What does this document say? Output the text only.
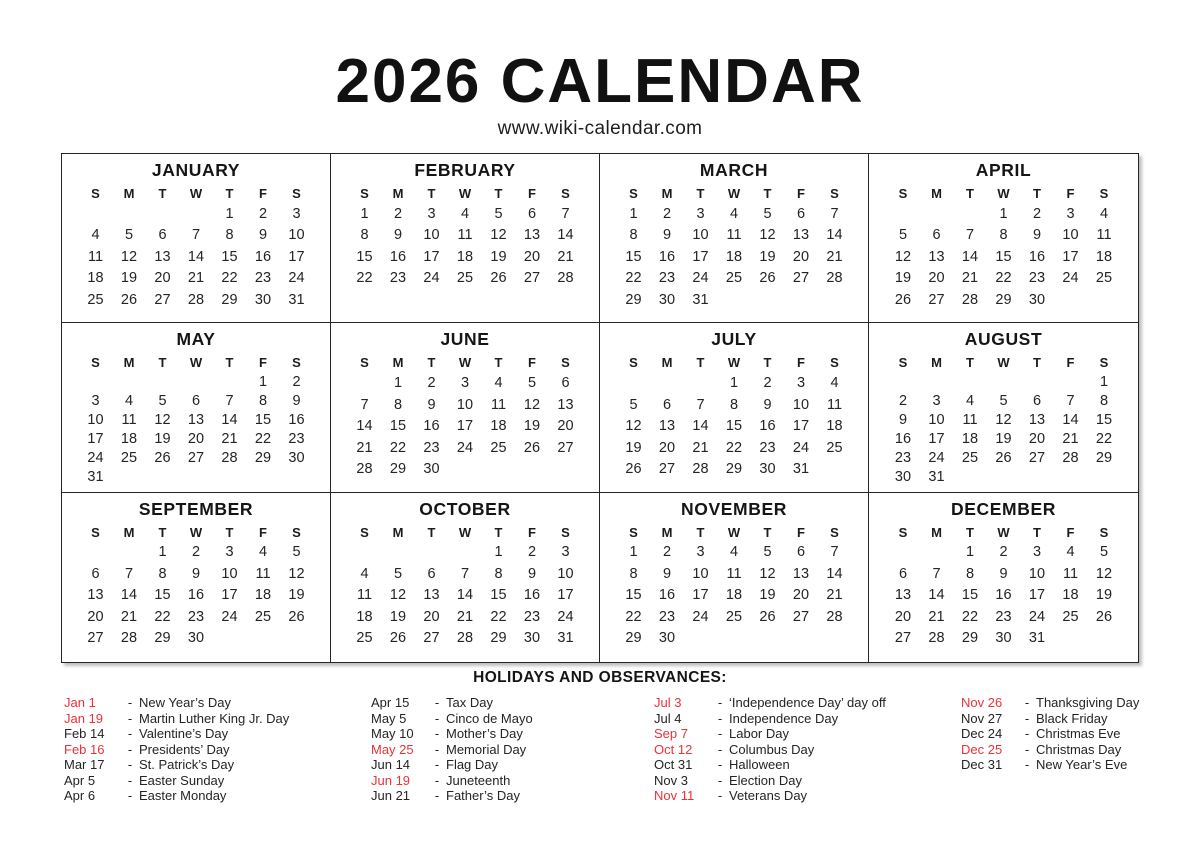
2026 CALENDAR
www.wiki-calendar.com
JANUARY
S	M	T	W	T	F	S
				1	2	3
4	5	6	7	8	9	10
11	12	13	14	15	16	17
18	19	20	21	22	23	24
25	26	27	28	29	30	31
FEBRUARY
S	M	T	W	T	F	S
1	2	3	4	5	6	7
8	9	10	11	12	13	14
15	16	17	18	19	20	21
22	23	24	25	26	27	28
MARCH
S	M	T	W	T	F	S
1	2	3	4	5	6	7
8	9	10	11	12	13	14
15	16	17	18	19	20	21
22	23	24	25	26	27	28
29	30	31				
APRIL
S	M	T	W	T	F	S
			1	2	3	4
5	6	7	8	9	10	11
12	13	14	15	16	17	18
19	20	21	22	23	24	25
26	27	28	29	30		
MAY
S	M	T	W	T	F	S
					1	2
3	4	5	6	7	8	9
10	11	12	13	14	15	16
17	18	19	20	21	22	23
24	25	26	27	28	29	30
31						
JUNE
S	M	T	W	T	F	S
	1	2	3	4	5	6
7	8	9	10	11	12	13
14	15	16	17	18	19	20
21	22	23	24	25	26	27
28	29	30				
JULY
S	M	T	W	T	F	S
			1	2	3	4
5	6	7	8	9	10	11
12	13	14	15	16	17	18
19	20	21	22	23	24	25
26	27	28	29	30	31	
AUGUST
S	M	T	W	T	F	S
						1
2	3	4	5	6	7	8
9	10	11	12	13	14	15
16	17	18	19	20	21	22
23	24	25	26	27	28	29
30	31					
SEPTEMBER
S	M	T	W	T	F	S
		1	2	3	4	5
6	7	8	9	10	11	12
13	14	15	16	17	18	19
20	21	22	23	24	25	26
27	28	29	30			
OCTOBER
S	M	T	W	T	F	S
				1	2	3
4	5	6	7	8	9	10
11	12	13	14	15	16	17
18	19	20	21	22	23	24
25	26	27	28	29	30	31
NOVEMBER
S	M	T	W	T	F	S
1	2	3	4	5	6	7
8	9	10	11	12	13	14
15	16	17	18	19	20	21
22	23	24	25	26	27	28
29	30					
DECEMBER
S	M	T	W	T	F	S
		1	2	3	4	5
6	7	8	9	10	11	12
13	14	15	16	17	18	19
20	21	22	23	24	25	26
27	28	29	30	31		
HOLIDAYS AND OBSERVANCES:
Jan 1	- New Year’s Day
Jan 19	- Martin Luther King Jr. Day
Feb 14	- Valentine’s Day
Feb 16	- Presidents’ Day
Mar 17	- St. Patrick’s Day
Apr 5	- Easter Sunday
Apr 6	- Easter Monday
Apr 15	- Tax Day
May 5	- Cinco de Mayo
May 10	- Mother’s Day
May 25	- Memorial Day
Jun 14	- Flag Day
Jun 19	- Juneteenth
Jun 21	- Father’s Day
Jul 3	- ‘Independence Day’ day off
Jul 4	- Independence Day
Sep 7	- Labor Day
Oct 12	- Columbus Day
Oct 31	- Halloween
Nov 3	- Election Day
Nov 11	- Veterans Day
Nov 26	- Thanksgiving Day
Nov 27	- Black Friday
Dec 24	- Christmas Eve
Dec 25	- Christmas Day
Dec 31	- New Year’s Eve
